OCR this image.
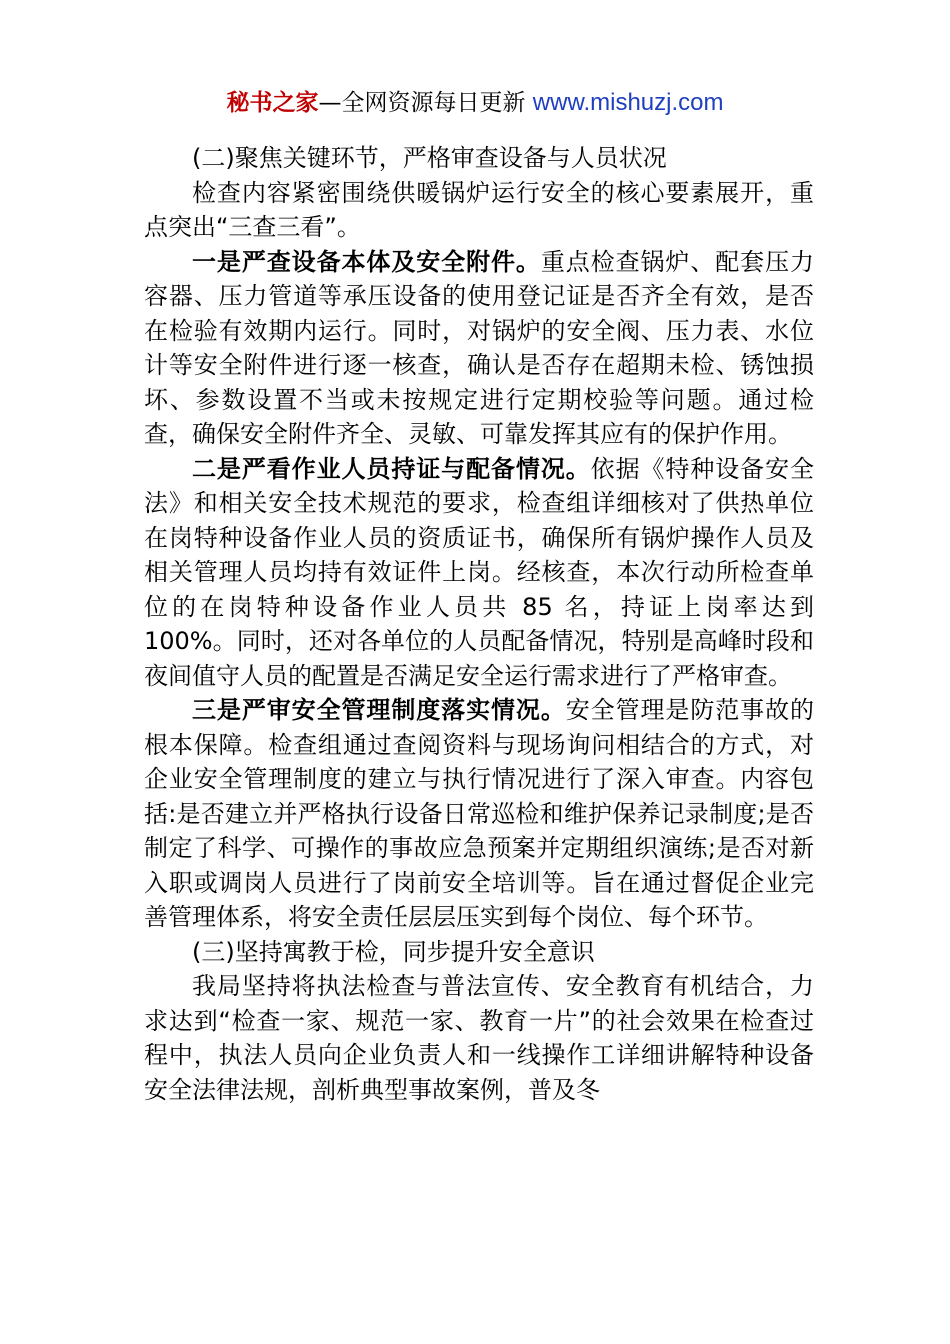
秘书之家—全网资源每日更新 www.mishuzj.com

(二)聚焦关键环节，严格审查设备与人员状况

检查内容紧密围绕供暖锅炉运行安全的核心要素展开，重点突出“三查三看”。

一是严查设备本体及安全附件。重点检查锅炉、配套压力容器、压力管道等承压设备的使用登记证是否齐全有效，是否在检验有效期内运行。同时，对锅炉的安全阀、压力表、水位计等安全附件进行逐一核查，确认是否存在超期未检、锈蚀损坏、参数设置不当或未按规定进行定期校验等问题。通过检查，确保安全附件齐全、灵敏、可靠发挥其应有的保护作用。

二是严看作业人员持证与配备情况。依据《特种设备安全法》和相关安全技术规范的要求，检查组详细核对了供热单位在岗特种设备作业人员的资质证书，确保所有锅炉操作人员及相关管理人员均持有效证件上岗。经核查，本次行动所检查单位的在岗特种设备作业人员共 85 名，持证上岗率达到 100%。同时，还对各单位的人员配备情况，特别是高峰时段和夜间值守人员的配置是否满足安全运行需求进行了严格审查。

三是严审安全管理制度落实情况。安全管理是防范事故的根本保障。检查组通过查阅资料与现场询问相结合的方式，对企业安全管理制度的建立与执行情况进行了深入审查。内容包括:是否建立并严格执行设备日常巡检和维护保养记录制度;是否制定了科学、可操作的事故应急预案并定期组织演练;是否对新入职或调岗人员进行了岗前安全培训等。旨在通过督促企业完善管理体系，将安全责任层层压实到每个岗位、每个环节。

(三)坚持寓教于检，同步提升安全意识

我局坚持将执法检查与普法宣传、安全教育有机结合，力求达到“检查一家、规范一家、教育一片”的社会效果在检查过程中，执法人员向企业负责人和一线操作工详细讲解特种设备安全法律法规，剖析典型事故案例，普及冬
